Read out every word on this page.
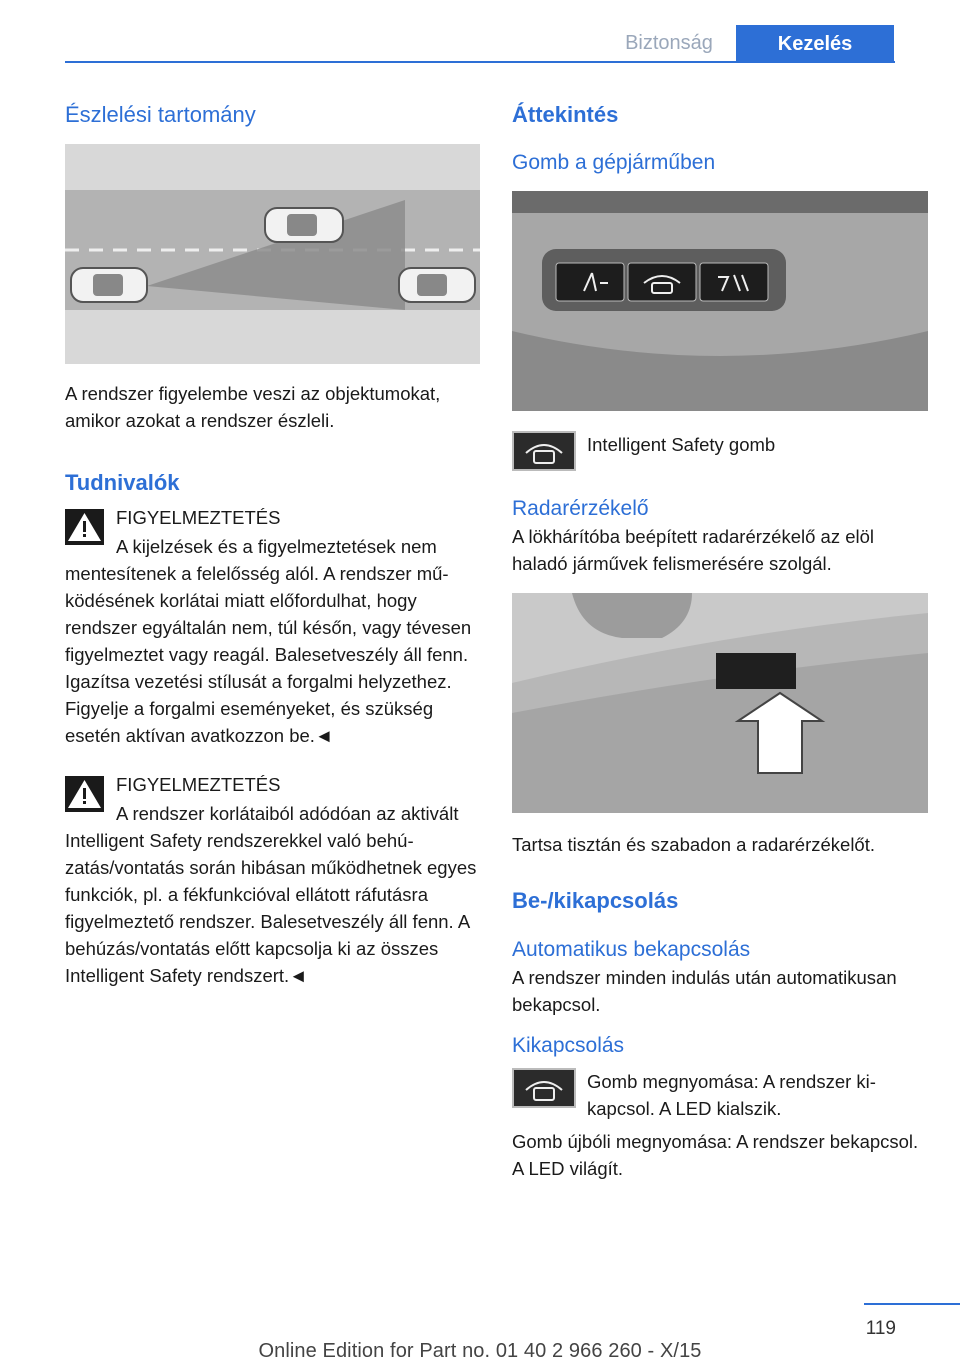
Biztonság	Kezelés
Észlelési tartomány

A rendszer figyelembe veszi az objektumokat, amikor azokat a rendszer észleli.

Tudnivalók

FIGYELMEZTETÉS

A kijelzések és a figyelmeztetések nem mentesítenek a felelősség alól. A rendszer működésének korlátai miatt előfordulhat, hogy rendszer egyáltalán nem, túl későn, vagy tévesen figyelmeztet vagy reagál. Balesetveszély áll fenn. Igazítsa vezetési stílusát a forgalmi helyzethez. Figyelje a forgalmi eseményeket, és szükség esetén aktívan avatkozzon be.◄

FIGYELMEZTETÉS

A rendszer korlátaiból adódóan az aktivált Intelligent Safety rendszerekkel való behúzatás/vontatás során hibásan működhetnek egyes funkciók, pl. a fékfunkcióval ellátott ráfutásra figyelmeztető rendszer. Balesetveszély áll fenn. A behúzás/vontatás előtt kapcsolja ki az összes Intelligent Safety rendszert.◄

Áttekintés
Gomb a gépjárműben

Intelligent Safety gomb

Radarérzékelő

A lökhárítóba beépített radarérzékelő az elöl haladó járművek felismerésére szolgál.

Tartsa tisztán és szabadon a radarérzékelőt.

Be-/kikapcsolás
Automatikus bekapcsolás

A rendszer minden indulás után automatikusan bekapcsol.

Kikapcsolás

Gomb megnyomása: A rendszer kikapcsol. A LED kialszik.

Gomb újbóli megnyomása: A rendszer bekapcsol. A LED világít.

119
Online Edition for Part no. 01 40 2 966 260 - X/15
